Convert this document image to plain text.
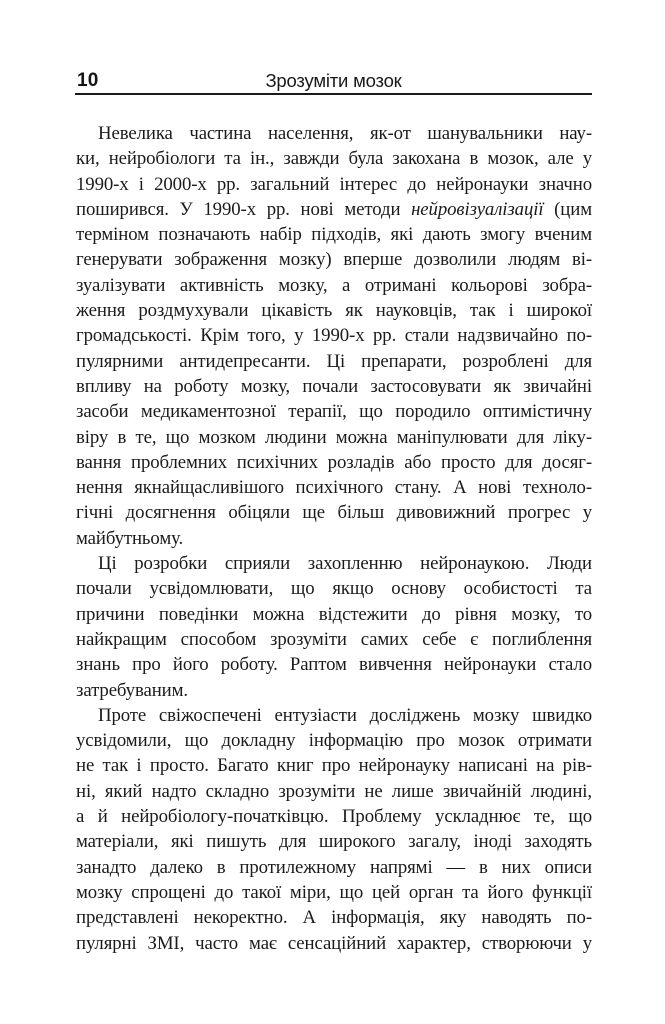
10	Зрозуміти мозок
Невелика частина населення, як-от шанувальники нау-
ки, нейробіологи та ін., завжди була закохана в мозок, але у
1990-х і 2000-х рр. загальний інтерес до нейронауки значно
поширився. У 1990-х рр. нові методи нейровізуалізації (цим
терміном позначають набір підходів, які дають змогу вченим
генерувати зображення мозку) вперше дозволили людям ві-
зуалізувати активність мозку, а отримані кольорові зобра-
ження роздмухували цікавість як науковців, так і широкої
громадськості. Крім того, у 1990-х рр. стали надзвичайно по-
пулярними антидепресанти. Ці препарати, розроблені для
впливу на роботу мозку, почали застосовувати як звичайні
засоби медикаментозної терапії, що породило оптимістичну
віру в те, що мозком людини можна маніпулювати для ліку-
вання проблемних психічних розладів або просто для досяг-
нення якнайщасливішого психічного стану. А нові техноло-
гічні досягнення обіцяли ще більш дивовижний прогрес у
майбутньому.
Ці розробки сприяли захопленню нейронаукою. Люди
почали усвідомлювати, що якщо основу особистості та
причини поведінки можна відстежити до рівня мозку, то
найкращим способом зрозуміти самих себе є поглиблення
знань про його роботу. Раптом вивчення нейронауки стало
затребуваним.
Проте свіжоспечені ентузіасти досліджень мозку швидко
усвідомили, що докладну інформацію про мозок отримати
не так і просто. Багато книг про нейронауку написані на рів-
ні, який надто складно зрозуміти не лише звичайній людині,
а й нейробіологу-початківцю. Проблему ускладнює те, що
матеріали, які пишуть для широкого загалу, іноді заходять
занадто далеко в протилежному напрямі — в них описи
мозку спрощені до такої міри, що цей орган та його функції
представлені некоректно. А інформація, яку наводять по-
пулярні ЗМІ, часто має сенсаційний характер, створюючи у
